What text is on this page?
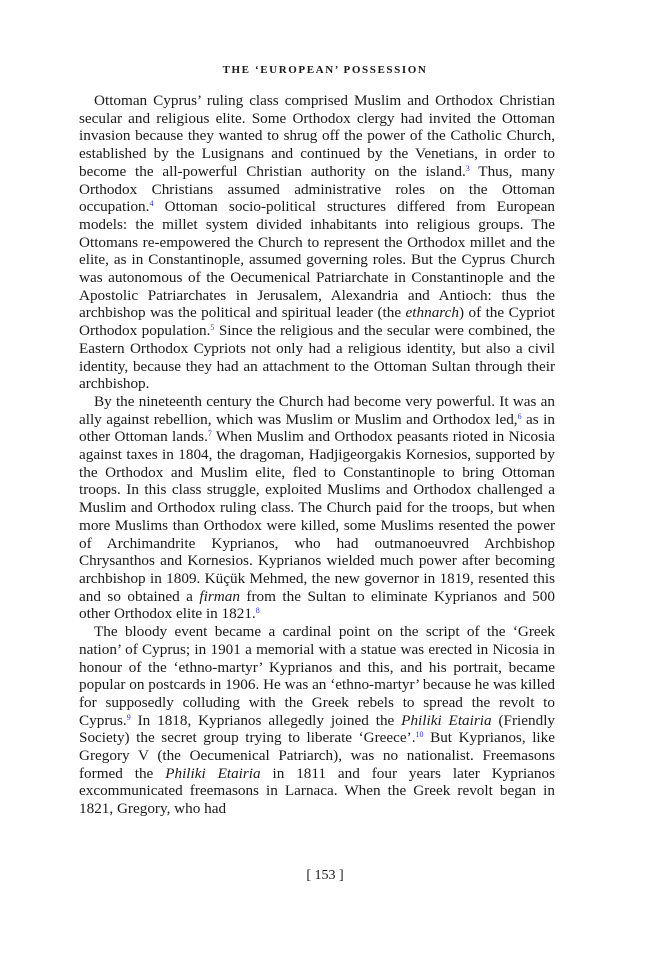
THE ‘EUROPEAN’ POSSESSION

Ottoman Cyprus’ ruling class comprised Muslim and Orthodox Christian secular and religious elite. Some Orthodox clergy had invited the Ottoman invasion because they wanted to shrug off the power of the Catholic Church, established by the Lusignans and continued by the Venetians, in order to become the all-powerful Christian authority on the island.$^3$ Thus, many Orthodox Christians assumed administrative roles on the Ottoman occupation.$^4$ Ottoman socio-political structures differed from European models: the millet system divided inhabitants into religious groups. The Ottomans re-empowered the Church to represent the Orthodox millet and the elite, as in Constantinople, assumed governing roles. But the Cyprus Church was autonomous of the Oecumenical Patriarchate in Constantinople and the Apostolic Patriarchates in Jerusalem, Alexandria and Antioch: thus the archbishop was the political and spiritual leader (the ethnarch) of the Cypriot Orthodox population.$^5$ Since the religious and the secular were combined, the Eastern Orthodox Cypriots not only had a religious identity, but also a civil identity, because they had an attachment to the Ottoman Sultan through their archbishop.

By the nineteenth century the Church had become very powerful. It was an ally against rebellion, which was Muslim or Muslim and Orthodox led,$^6$ as in other Ottoman lands.$^7$ When Muslim and Orthodox peasants rioted in Nicosia against taxes in 1804, the dragoman, Hadjigeorgakis Kornesios, supported by the Orthodox and Muslim elite, fled to Constantinople to bring Ottoman troops. In this class struggle, exploited Muslims and Orthodox challenged a Muslim and Orthodox ruling class. The Church paid for the troops, but when more Muslims than Orthodox were killed, some Muslims resented the power of Archimandrite Kyprianos, who had outmanoeuvred Archbishop Chrysanthos and Kornesios. Kyprianos wielded much power after becoming archbishop in 1809. Küçük Mehmed, the new governor in 1819, resented this and so obtained a firman from the Sultan to eliminate Kyprianos and 500 other Orthodox elite in 1821.$^8$

The bloody event became a cardinal point on the script of the ‘Greek nation’ of Cyprus; in 1901 a memorial with a statue was erected in Nicosia in honour of the ‘ethno-martyr’ Kyprianos and this, and his portrait, became popular on postcards in 1906. He was an ‘ethno-martyr’ because he was killed for supposedly colluding with the Greek rebels to spread the revolt to Cyprus.$^9$ In 1818, Kyprianos allegedly joined the Philiki Etairia (Friendly Society) the secret group trying to liberate ‘Greece’.$^{10}$ But Kyprianos, like Gregory V (the Oecumenical Patriarch), was no nationalist. Freemasons formed the Philiki Etairia in 1811 and four years later Kyprianos excommunicated freemasons in Larnaca. When the Greek revolt began in 1821, Gregory, who had

[ 153 ]
